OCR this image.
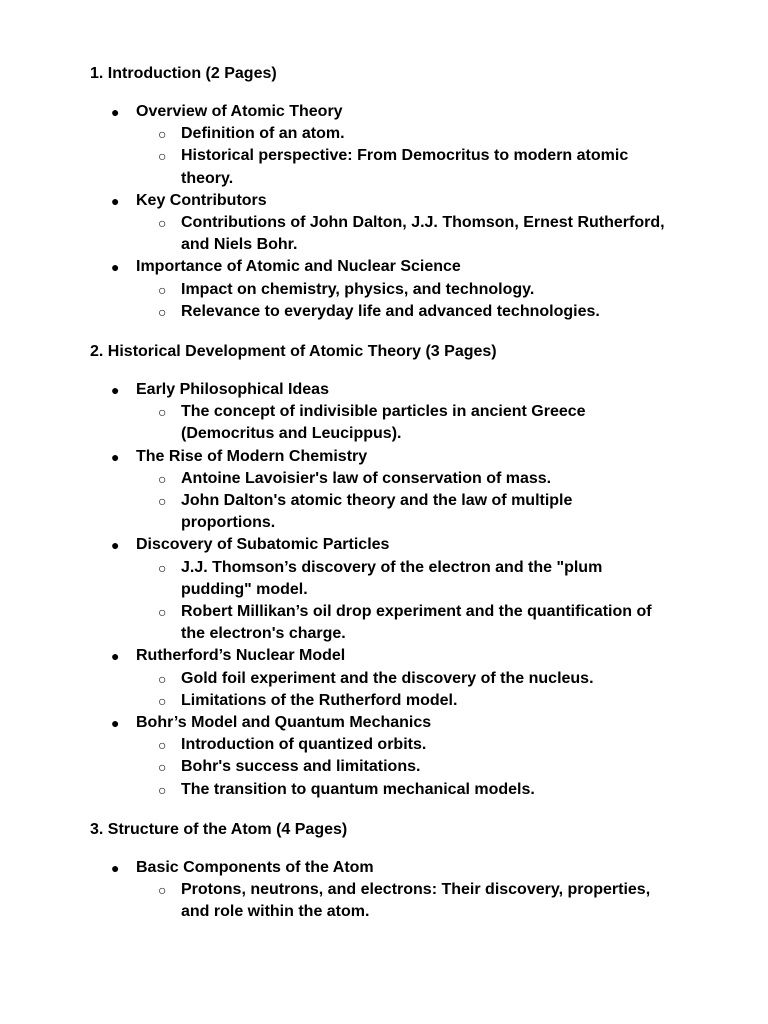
1. Introduction (2 Pages)
● Overview of Atomic Theory
○ Definition of an atom.
○ Historical perspective: From Democritus to modern atomic theory.
● Key Contributors
○ Contributions of John Dalton, J.J. Thomson, Ernest Rutherford, and Niels Bohr.
● Importance of Atomic and Nuclear Science
○ Impact on chemistry, physics, and technology.
○ Relevance to everyday life and advanced technologies.
2. Historical Development of Atomic Theory (3 Pages)
● Early Philosophical Ideas
○ The concept of indivisible particles in ancient Greece (Democritus and Leucippus).
● The Rise of Modern Chemistry
○ Antoine Lavoisier's law of conservation of mass.
○ John Dalton's atomic theory and the law of multiple proportions.
● Discovery of Subatomic Particles
○ J.J. Thomson’s discovery of the electron and the "plum pudding" model.
○ Robert Millikan’s oil drop experiment and the quantification of the electron's charge.
● Rutherford’s Nuclear Model
○ Gold foil experiment and the discovery of the nucleus.
○ Limitations of the Rutherford model.
● Bohr’s Model and Quantum Mechanics
○ Introduction of quantized orbits.
○ Bohr's success and limitations.
○ The transition to quantum mechanical models.
3. Structure of the Atom (4 Pages)
● Basic Components of the Atom
○ Protons, neutrons, and electrons: Their discovery, properties, and role within the atom.
